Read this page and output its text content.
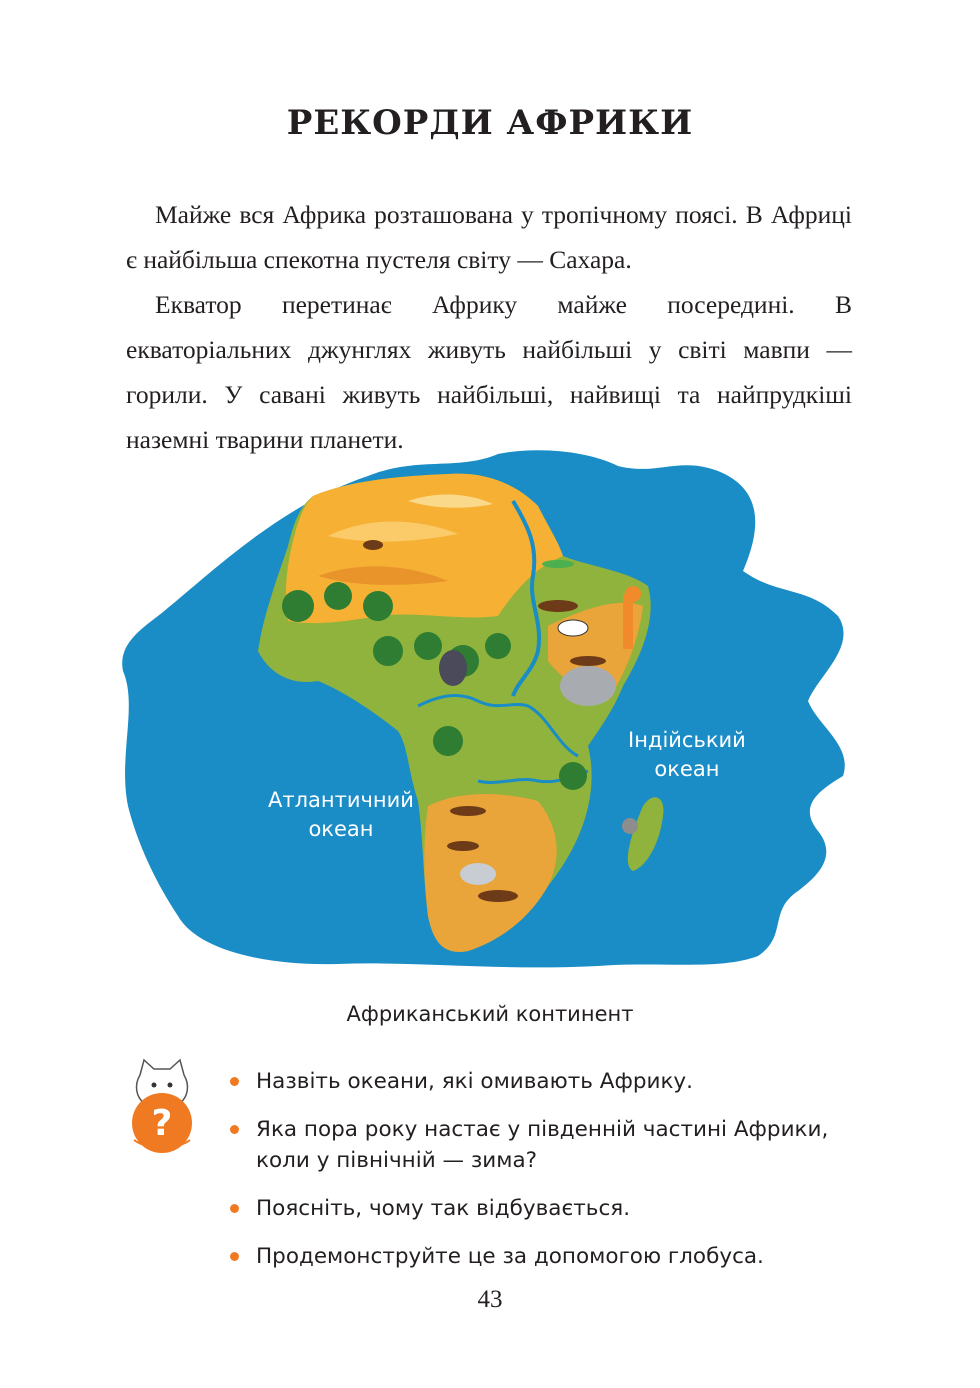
РЕКОРДИ АФРИКИ

Майже вся Африка розташована у тропічному поясі. В Африці є найбільша спекотна пустеля світу — Сахара.

Екватор перетинає Африку майже посередині. В екваторіальних джунглях живуть найбільші у світі мавпи — горили. У савані живуть найбільші, найвищі та найпрудкіші наземні тварини планети.

Атлантичний
океан
Індійський
океан
Африканський континент
?
Назвіть океани, які омивають Африку.
Яка пора року настає у південній частині Африки, коли у північній — зима?
Поясніть, чому так відбувається.
Продемонструйте це за допомогою глобуса.
43
